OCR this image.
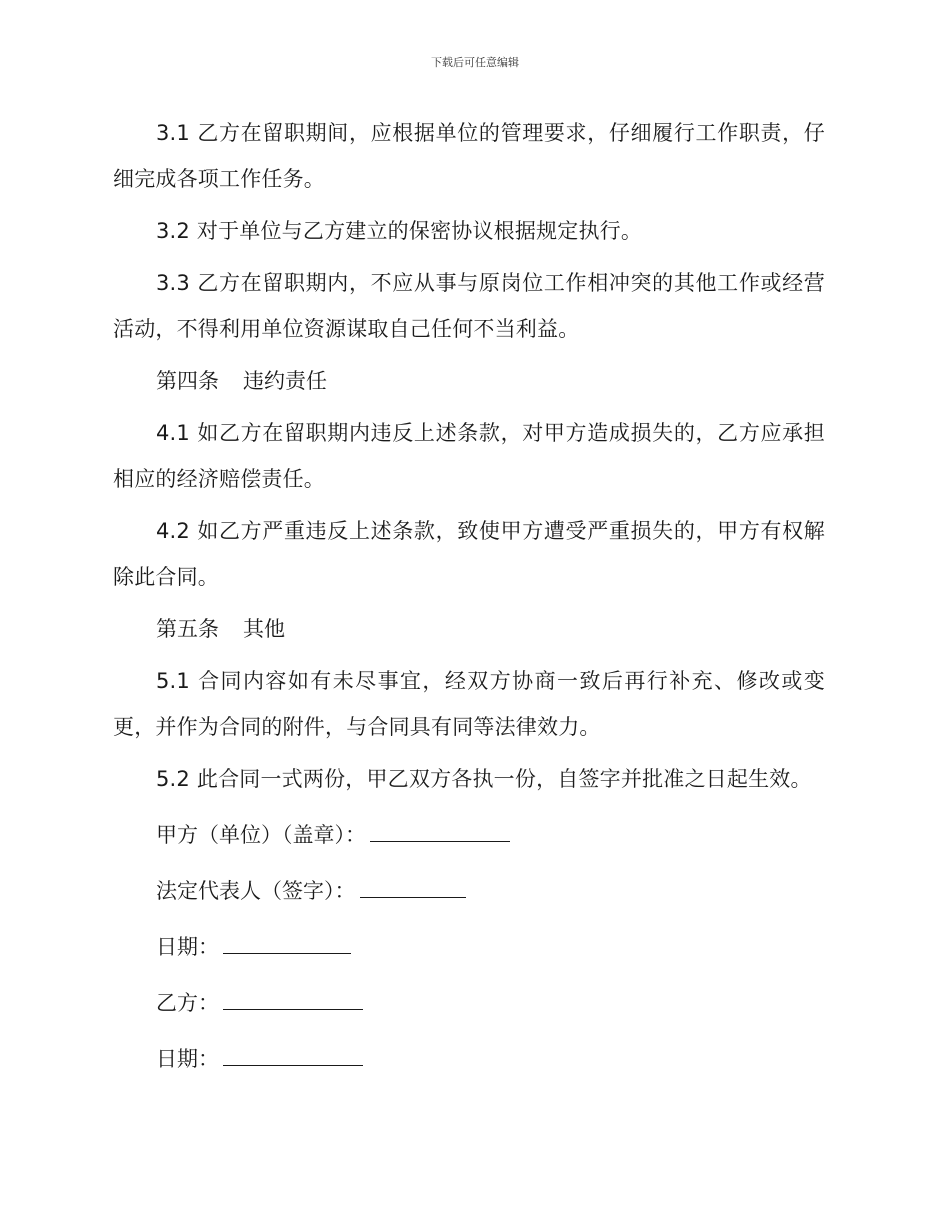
下载后可任意编辑

3.1 乙方在留职期间，应根据单位的管理要求，仔细履行工作职责，仔细完成各项工作任务。

3.2 对于单位与乙方建立的保密协议根据规定执行。

3.3 乙方在留职期内，不应从事与原岗位工作相冲突的其他工作或经营活动，不得利用单位资源谋取自己任何不当利益。

第四条 违约责任

4.1 如乙方在留职期内违反上述条款，对甲方造成损失的，乙方应承担相应的经济赔偿责任。

4.2 如乙方严重违反上述条款，致使甲方遭受严重损失的，甲方有权解除此合同。

第五条 其他

5.1 合同内容如有未尽事宜，经双方协商一致后再行补充、修改或变更，并作为合同的附件，与合同具有同等法律效力。

5.2 此合同一式两份，甲乙双方各执一份，自签字并批准之日起生效。

甲方（单位）（盖章）：
法定代表人（签字）：
日期：
乙方：
日期：
